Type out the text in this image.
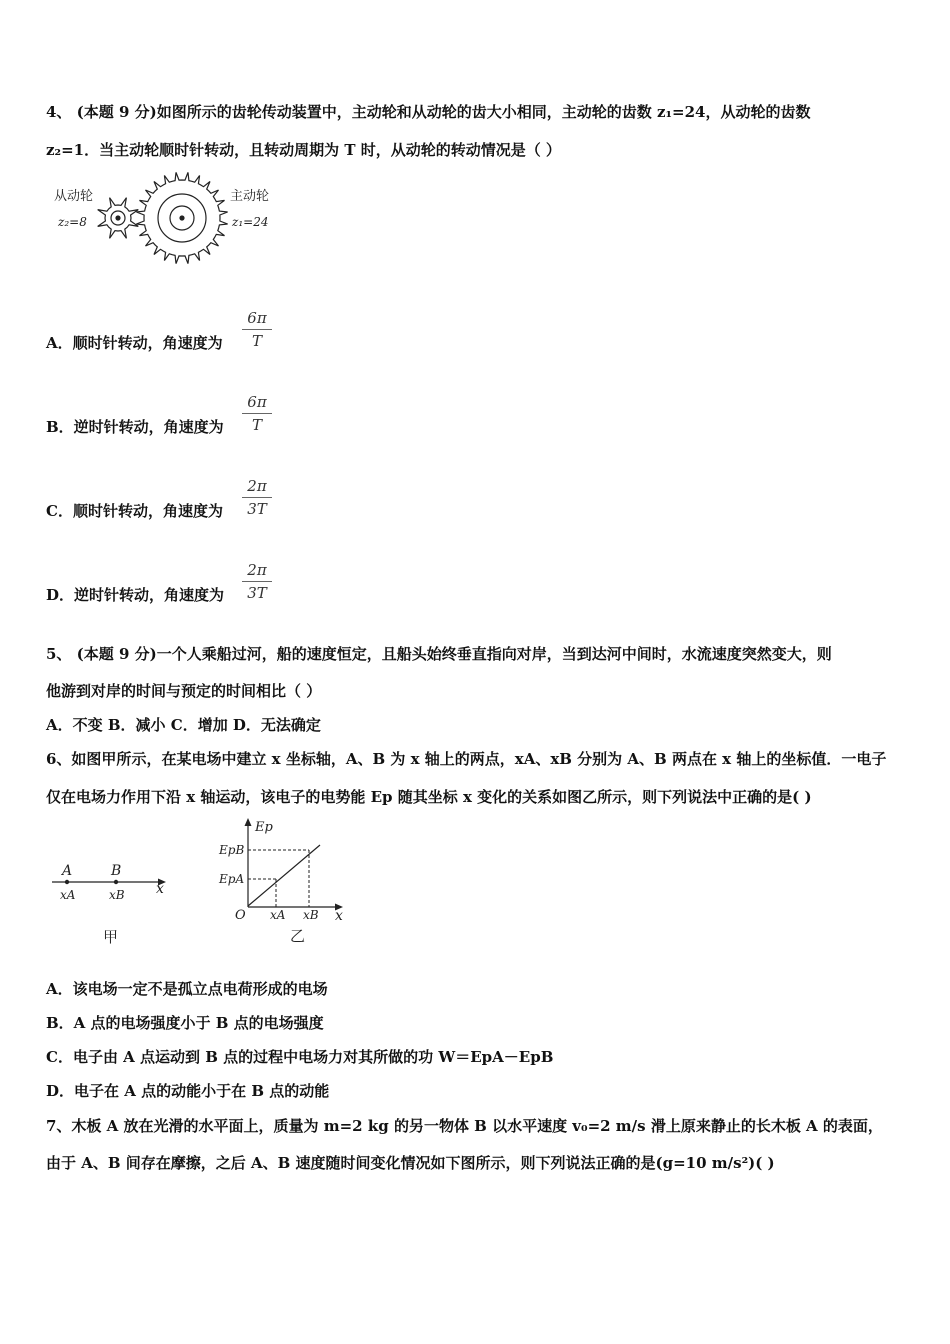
4、 (本题 9 分)如图所示的齿轮传动装置中，主动轮和从动轮的齿大小相同，主动轮的齿数 z₁=24，从动轮的齿数
z₂=1．当主动轮顺时针转动，且转动周期为 T 时，从动轮的转动情况是（ ）
从动轮
z₂=8
主动轮
z₁=24
A．顺时针转动，角速度为
6π
T
B．逆时针转动，角速度为
6π
T
C．顺时针转动，角速度为
2π
3T
D．逆时针转动，角速度为
2π
3T
5、 (本题 9 分)一个人乘船过河，船的速度恒定，且船头始终垂直指向对岸，当到达河中间时，水流速度突然变大，则
他游到对岸的时间与预定的时间相比（ ）
A．不变 B．减小 C．增加 D．无法确定
6、如图甲所示，在某电场中建立 x 坐标轴，A、B 为 x 轴上的两点，xA、xB 分别为 A、B 两点在 x 轴上的坐标值．一电子
仅在电场力作用下沿 x 轴运动，该电子的电势能 Ep 随其坐标 x 变化的关系如图乙所示，则下列说法中正确的是( )
A	B
xA	xB x
甲
Ep
EpB
EpA
O xA xB x
乙
A．该电场一定不是孤立点电荷形成的电场
B．A 点的电场强度小于 B 点的电场强度
C．电子由 A 点运动到 B 点的过程中电场力对其所做的功 W＝EpA－EpB
D．电子在 A 点的动能小于在 B 点的动能
7、木板 A 放在光滑的水平面上，质量为 m=2 kg 的另一物体 B 以水平速度 v₀=2 m/s 滑上原来静止的长木板 A 的表面，
由于 A、B 间存在摩擦，之后 A、B 速度随时间变化情况如下图所示，则下列说法正确的是(g=10 m/s²)( )
